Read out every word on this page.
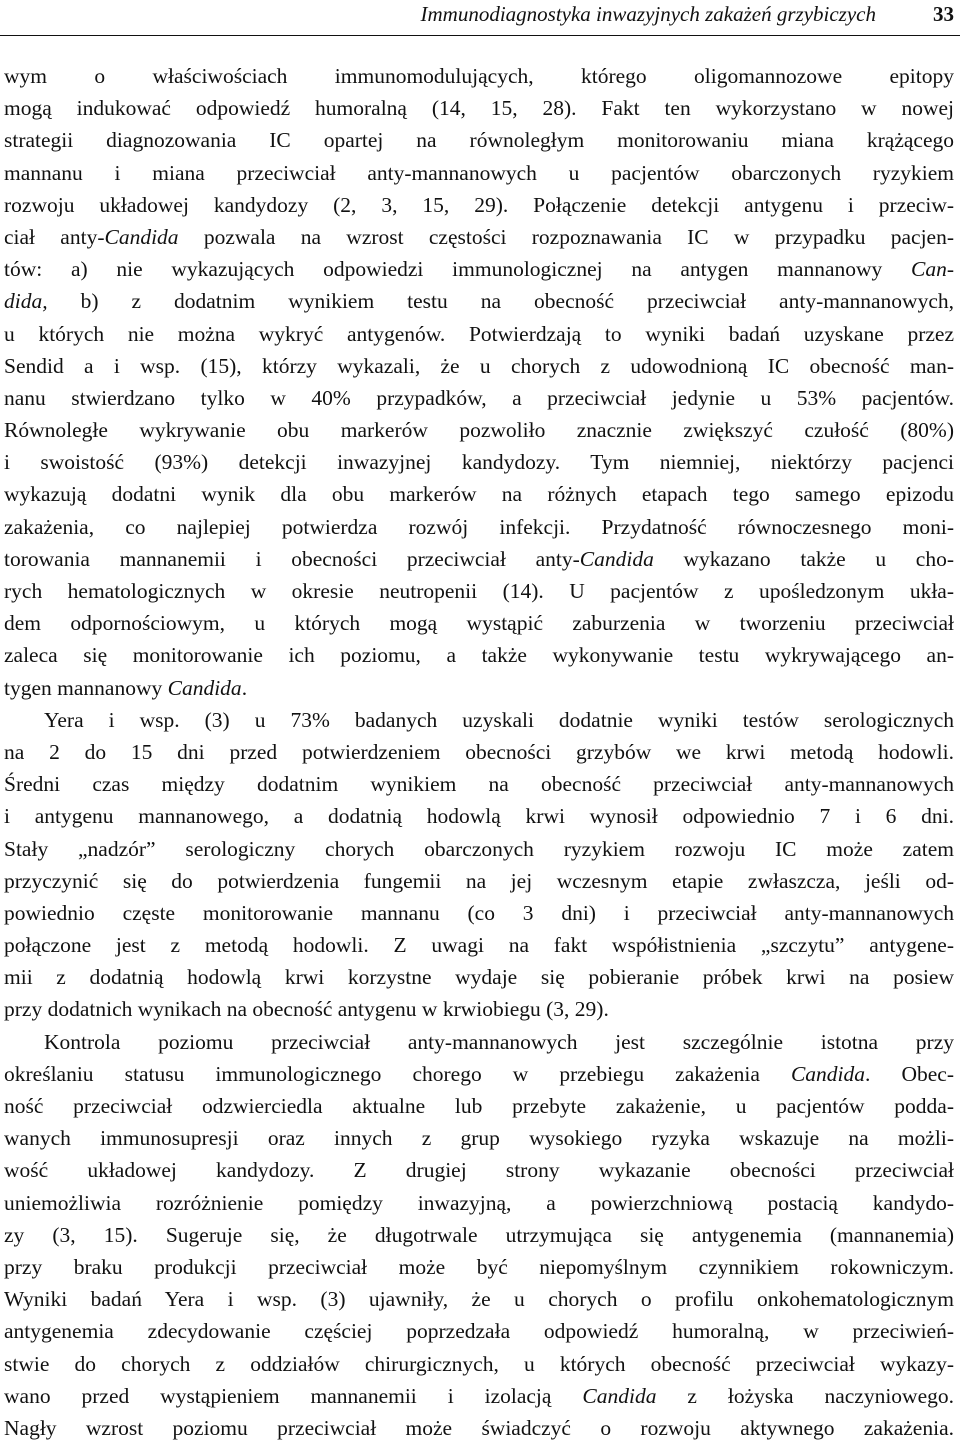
Immunodiagnostyka inwazyjnych zakażeń grzybiczych	33
wym o właściwościach immunomodulujących, którego oligomannozowe epitopy
mogą indukować odpowiedź humoralną (14, 15, 28). Fakt ten wykorzystano w nowej
strategii diagnozowania IC opartej na równoległym monitorowaniu miana krążącego
mannanu i miana przeciwciał anty-mannanowych u pacjentów obarczonych ryzykiem
rozwoju układowej kandydozy (2, 3, 15, 29). Połączenie detekcji antygenu i przeciw-
ciał anty-Candida pozwala na wzrost częstości rozpoznawania IC w przypadku pacjen-
tów: a) nie wykazujących odpowiedzi immunologicznej na antygen mannanowy Can-
dida, b) z dodatnim wynikiem testu na obecność przeciwciał anty-mannanowych,
u których nie można wykryć antygenów. Potwierdzają to wyniki badań uzyskane przez
Sendid a i wsp. (15), którzy wykazali, że u chorych z udowodnioną IC obecność man-
nanu stwierdzano tylko w 40% przypadków, a przeciwciał jedynie u 53% pacjentów.
Równoległe wykrywanie obu markerów pozwoliło znacznie zwiększyć czułość (80%)
i swoistość (93%) detekcji inwazyjnej kandydozy. Tym niemniej, niektórzy pacjenci
wykazują dodatni wynik dla obu markerów na różnych etapach tego samego epizodu
zakażenia, co najlepiej potwierdza rozwój infekcji. Przydatność równoczesnego moni-
torowania mannanemii i obecności przeciwciał anty-Candida wykazano także u cho-
rych hematologicznych w okresie neutropenii (14). U pacjentów z upośledzonym ukła-
dem odpornościowym, u których mogą wystąpić zaburzenia w tworzeniu przeciwciał
zaleca się monitorowanie ich poziomu, a także wykonywanie testu wykrywającego an-
tygen mannanowy Candida.
Yera i wsp. (3) u 73% badanych uzyskali dodatnie wyniki testów serologicznych
na 2 do 15 dni przed potwierdzeniem obecności grzybów we krwi metodą hodowli.
Średni czas między dodatnim wynikiem na obecność przeciwciał anty-mannanowych
i antygenu mannanowego, a dodatnią hodowlą krwi wynosił odpowiednio 7 i 6 dni.
Stały „nadzór” serologiczny chorych obarczonych ryzykiem rozwoju IC może zatem
przyczynić się do potwierdzenia fungemii na jej wczesnym etapie zwłaszcza, jeśli od-
powiednio częste monitorowanie mannanu (co 3 dni) i przeciwciał anty-mannanowych
połączone jest z metodą hodowli. Z uwagi na fakt współistnienia „szczytu” antygene-
mii z dodatnią hodowlą krwi korzystne wydaje się pobieranie próbek krwi na posiew
przy dodatnich wynikach na obecność antygenu w krwiobiegu (3, 29).
Kontrola poziomu przeciwciał anty-mannanowych jest szczególnie istotna przy
określaniu statusu immunologicznego chorego w przebiegu zakażenia Candida. Obec-
ność przeciwciał odzwierciedla aktualne lub przebyte zakażenie, u pacjentów podda-
wanych immunosupresji oraz innych z grup wysokiego ryzyka wskazuje na możli-
wość układowej kandydozy. Z drugiej strony wykazanie obecności przeciwciał
uniemożliwia rozróżnienie pomiędzy inwazyjną, a powierzchniową postacią kandydo-
zy (3, 15). Sugeruje się, że długotrwale utrzymująca się antygenemia (mannanemia)
przy braku produkcji przeciwciał może być niepomyślnym czynnikiem rokowniczym.
Wyniki badań Yera i wsp. (3) ujawniły, że u chorych o profilu onkohematologicznym
antygenemia zdecydowanie częściej poprzedzała odpowiedź humoralną, w przeciwień-
stwie do chorych z oddziałów chirurgicznych, u których obecność przeciwciał wykazy-
wano przed wystąpieniem mannanemii i izolacją Candida z łożyska naczyniowego.
Nagły wzrost poziomu przeciwciał może świadczyć o rozwoju aktywnego zakażenia.
